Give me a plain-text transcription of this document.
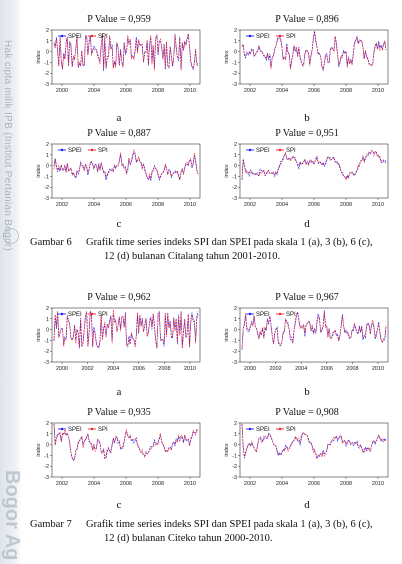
Hak cipta milik IPB (Institut Pertanian Bogor)
Bogor Ag
P Value = 0,959
-3
-2
-1
0
1
2
index
2000	2004	2006	2008	2010
SPEI	SPI
P Value = 0,896
-3
-2
-1
0
1
2
index
2002	2004	2006	2008	2010
SPEI	SPI
a	b
P Value = 0,887
-3
-2
-1
0
1
2
index
2002	2004	2006	2008	2010
SPEI	SPI
P Value = 0,951
-3
-2
-1
0
1
2
index
2002	2004	2006	2008	2010
SPEI	SPI
c	d
Gambar 6 Grafik time series indeks SPI dan SPEI pada skala 1 (a), 3 (b), 6 (c),
12 (d) bulanan Citalang tahun 2001-2010.
P Value = 0,962
-3
-2
-1
0
1
2
index
2000 2002 2004 2006 2008 2010
SPEI	SPI
P Value = 0,967
-3
-2
-1
0
1
2
index
2000 2002 2004 2006 2008 2010
SPEI	SPI
a	b
P Value = 0,935
-3
-2
-1
0
1
2
index
2002	2004	2006	2008	2010
SPEI	SPI
P Value = 0,908
-3
-2
-1
0
1
2
index
2002	2004	2006	2008	2010
SPEI	SPI
c	d
Gambar 7 Grafik time series indeks SPI dan SPEI pada skala 1 (a), 3 (b), 6 (c),
12 (d) bulanan Citeko tahun 2000-2010.
